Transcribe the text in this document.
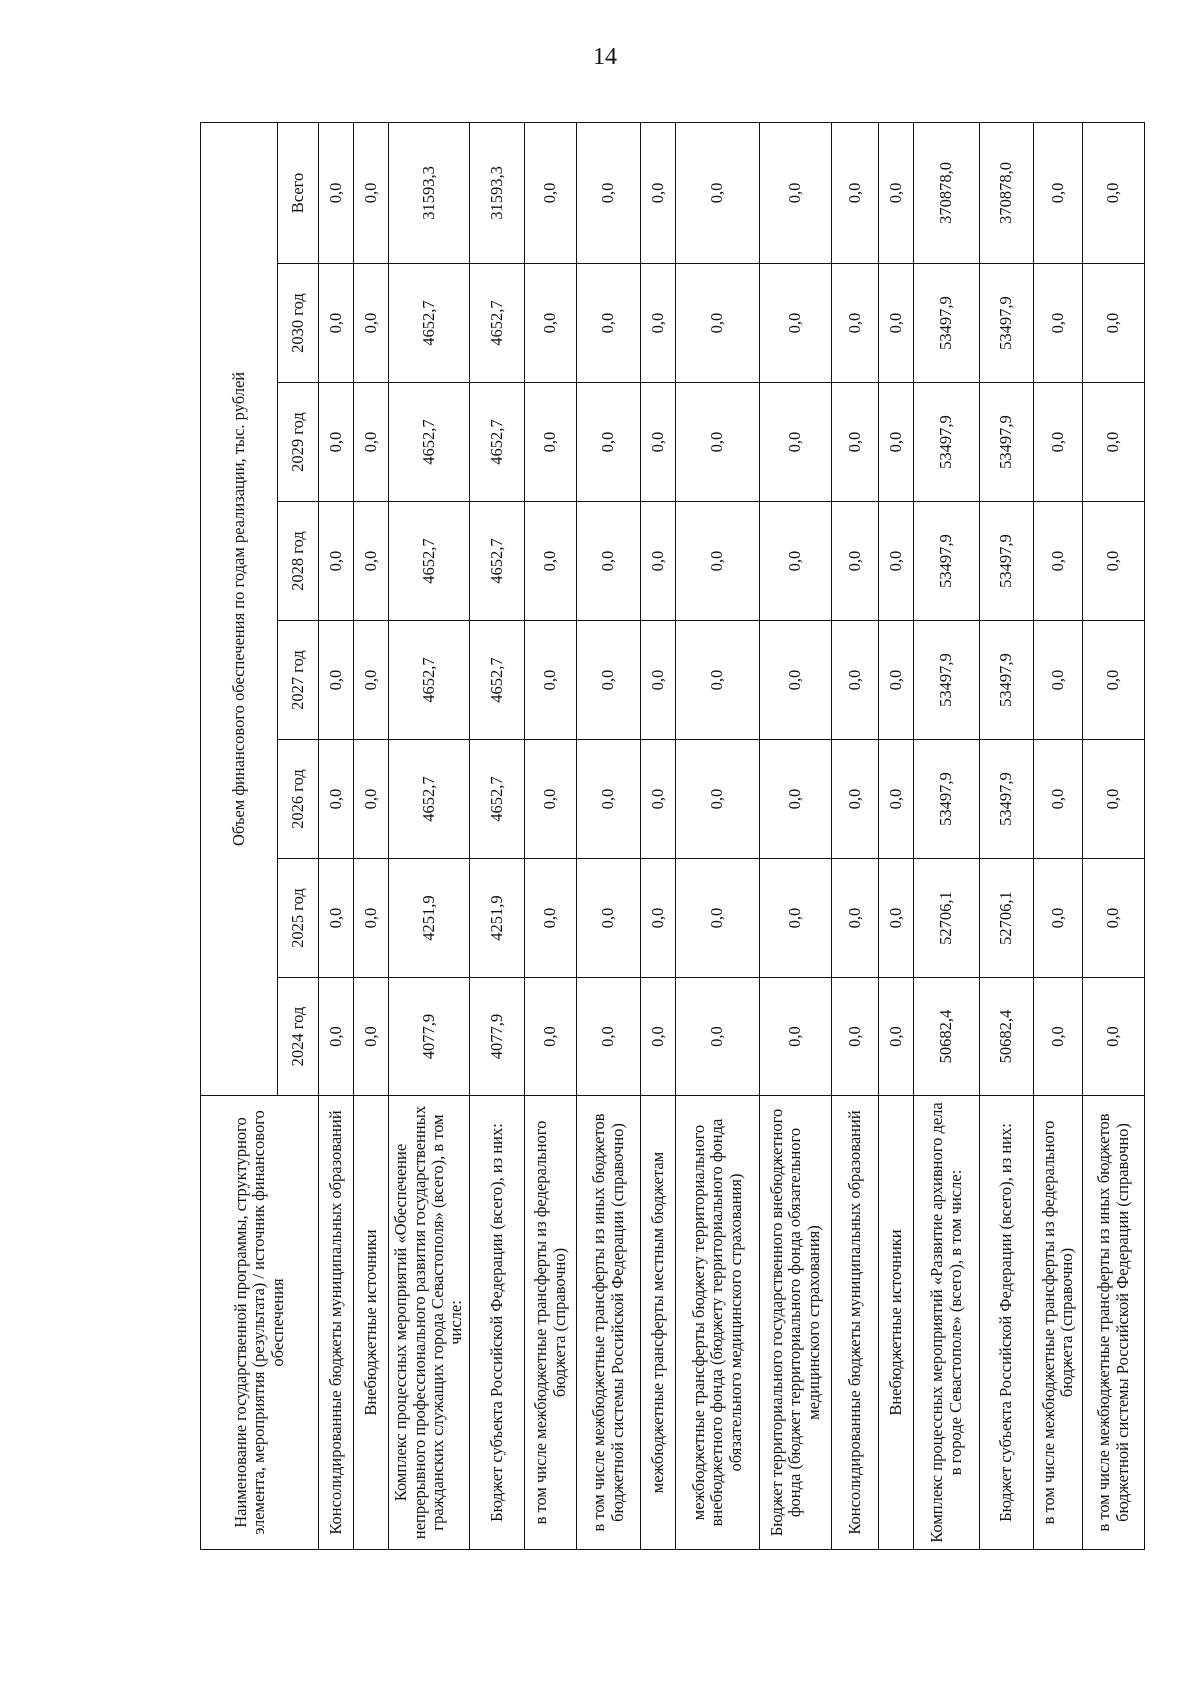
14
Наименование государственной программы, структурного элемента, мероприятия (результата) / источник финансового обеспечения	Объем финансового обеспечения по годам реализации, тыс. рублей							
	2024 год	2025 год	2026 год	2027 год	2028 год	2029 год	2030 год	Всего
Консолидированные бюджеты муниципальных образований	0,0	0,0	0,0	0,0	0,0	0,0	0,0	0,0
Внебюджетные источники	0,0	0,0	0,0	0,0	0,0	0,0	0,0	0,0
Комплекс процессных мероприятий «Обеспечение непрерывного профессионального развития государственных гражданских служащих города Севастополя» (всего), в том числе:	4077,9	4251,9	4652,7	4652,7	4652,7	4652,7	4652,7	31593,3
Бюджет субъекта Российской Федерации (всего), из них:	4077,9	4251,9	4652,7	4652,7	4652,7	4652,7	4652,7	31593,3
в том числе межбюджетные трансферты из федерального бюджета (справочно)	0,0	0,0	0,0	0,0	0,0	0,0	0,0	0,0
в том числе межбюджетные трансферты из иных бюджетов бюджетной системы Российской Федерации (справочно)	0,0	0,0	0,0	0,0	0,0	0,0	0,0	0,0
межбюджетные трансферты местным бюджетам	0,0	0,0	0,0	0,0	0,0	0,0	0,0	0,0
межбюджетные трансферты бюджету территориального внебюджетного фонда (бюджету территориального фонда обязательного медицинского страхования)	0,0	0,0	0,0	0,0	0,0	0,0	0,0	0,0
Бюджет территориального государственного внебюджетного фонда (бюджет территориального фонда обязательного медицинского страхования)	0,0	0,0	0,0	0,0	0,0	0,0	0,0	0,0
Консолидированные бюджеты муниципальных образований	0,0	0,0	0,0	0,0	0,0	0,0	0,0	0,0
Внебюджетные источники	0,0	0,0	0,0	0,0	0,0	0,0	0,0	0,0
Комплекс процессных мероприятий «Развитие архивного дела в городе Севастополе» (всего), в том числе:	50682,4	52706,1	53497,9	53497,9	53497,9	53497,9	53497,9	370878,0
Бюджет субъекта Российской Федерации (всего), из них:	50682,4	52706,1	53497,9	53497,9	53497,9	53497,9	53497,9	370878,0
в том числе межбюджетные трансферты из федерального бюджета (справочно)	0,0	0,0	0,0	0,0	0,0	0,0	0,0	0,0
в том числе межбюджетные трансферты из иных бюджетов бюджетной системы Российской Федерации (справочно)	0,0	0,0	0,0	0,0	0,0	0,0	0,0	0,0
